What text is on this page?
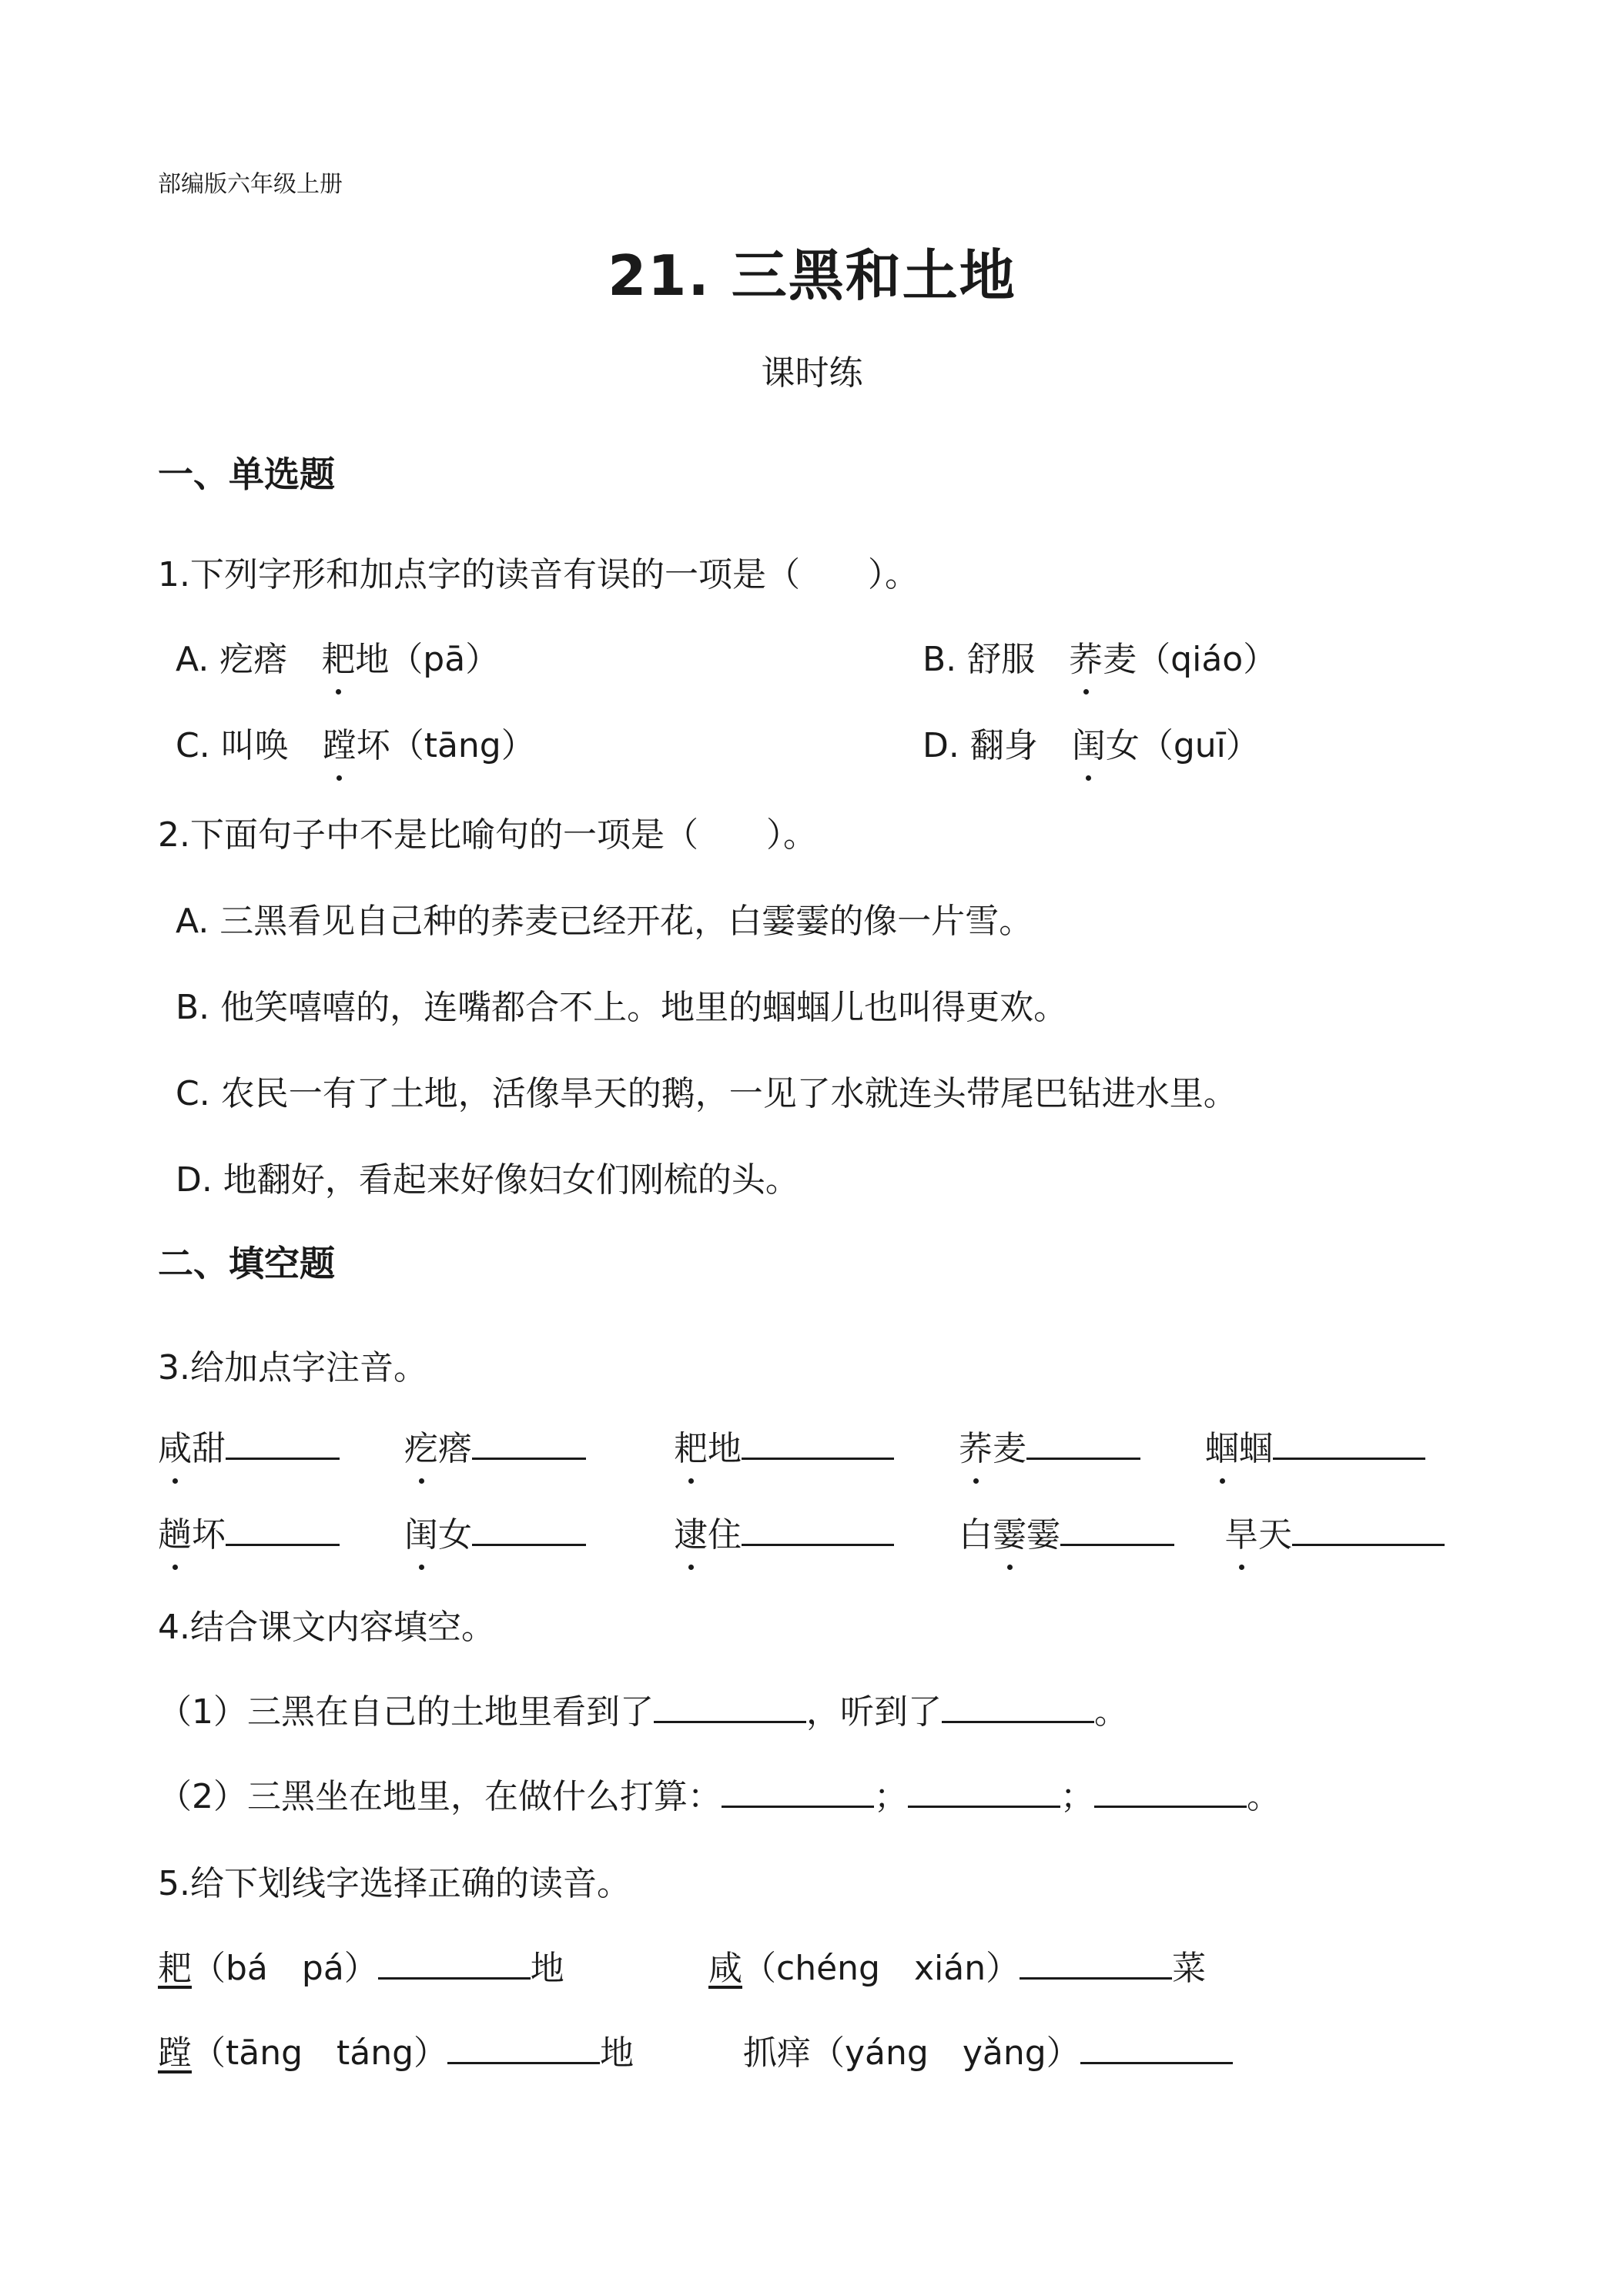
部编版六年级上册
21. 三黑和土地
课时练
一、单选题
1.下列字形和加点字的读音有误的一项是（　　）。
A. 疙瘩　耙地（pā）	B. 舒服　荞麦（qiáo）
C. 叫唤　蹚坏（tāng）	D. 翻身　闺女（guī）
2.下面句子中不是比喻句的一项是（　　）。
A. 三黑看见自己种的荞麦已经开花，白霎霎的像一片雪。
B. 他笑嘻嘻的，连嘴都合不上。地里的蝈蝈儿也叫得更欢。
C. 农民一有了土地，活像旱天的鹅，一见了水就连头带尾巴钻进水里。
D. 地翻好，看起来好像妇女们刚梳的头。
二、填空题
3.给加点字注音。
咸甜	疙瘩	耙地	荞麦	蝈蝈
趟坏	闺女	逮住	白霎霎	旱天
4.结合课文内容填空。
（1）三黑在自己的土地里看到了	，听到了	。
（2）三黑坐在地里，在做什么打算：	；	；	。
5.给下划线字选择正确的读音。
耙（bá　pá）	地	咸（chéng　xián）	菜
蹚（tāng　táng）	地	抓痒（yáng　yǎng）
